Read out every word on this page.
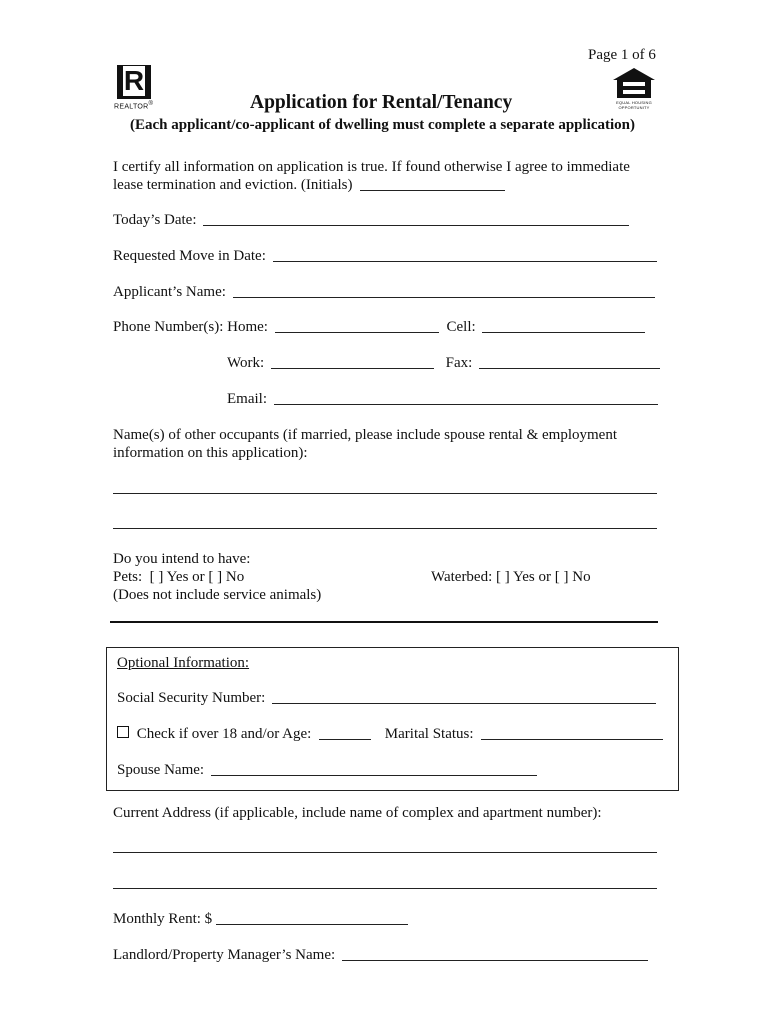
Page 1 of 6
R
REALTOR®	EQUAL HOUSING OPPORTUNITY
Application for Rental/Tenancy
(Each applicant/co-applicant of dwelling must complete a separate application)
I certify all information on application is true. If found otherwise I agree to immediate
lease termination and eviction. (Initials)
Today’s Date:
Requested Move in Date:
Applicant’s Name:
Phone Number(s): Home:	Cell:
Work:	Fax:
Email:
Name(s) of other occupants (if married, please include spouse rental & employment
information on this application):
Do you intend to have:
Pets:  [ ] Yes or [ ] No	Waterbed: [ ] Yes or [ ] No
(Does not include service animals)
Optional Information:
Social Security Number:
Check if over 18 and/or Age:	Marital Status:
Spouse Name:
Current Address (if applicable, include name of complex and apartment number):
Monthly Rent: $
Landlord/Property Manager’s Name:
